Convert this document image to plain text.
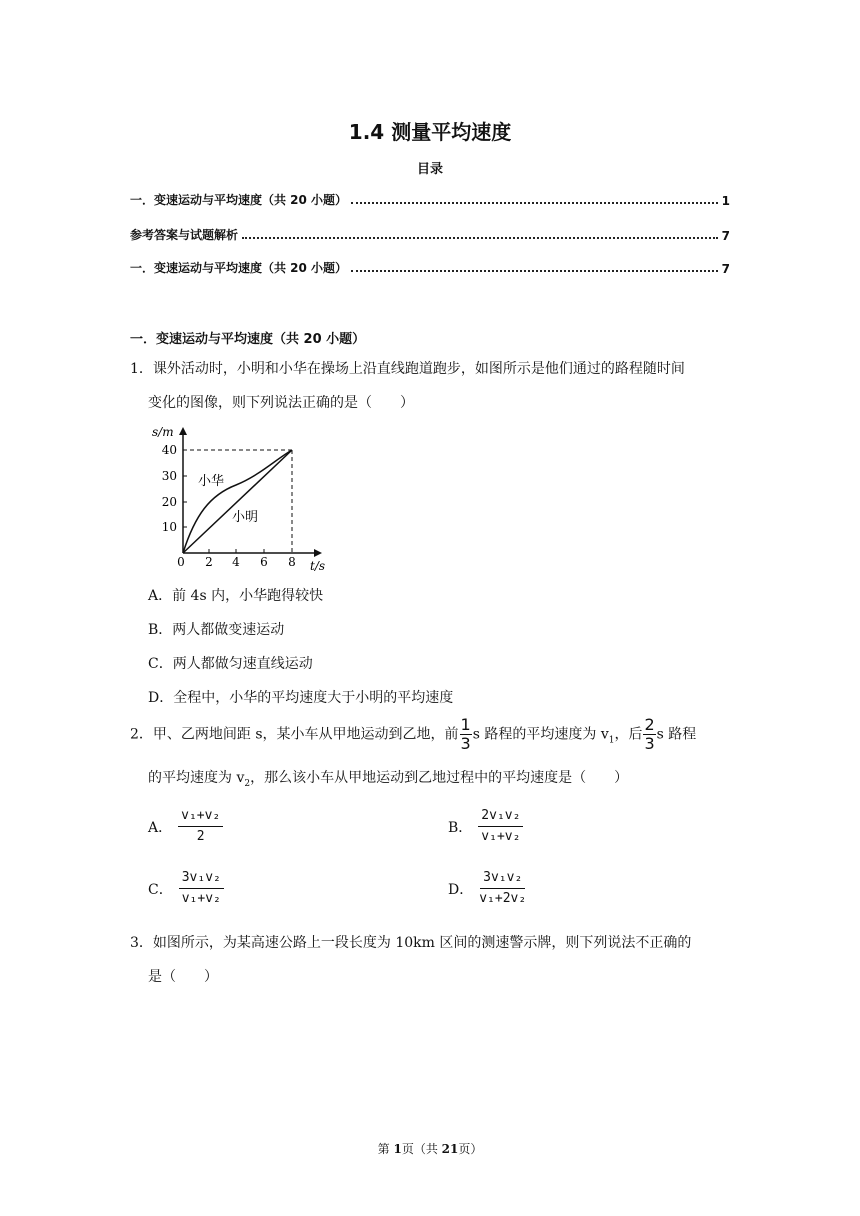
1.4 测量平均速度
目录
一．变速运动与平均速度（共 20 小题）	1
参考答案与试题解析	7
一．变速运动与平均速度（共 20 小题）	7
一．变速运动与平均速度（共 20 小题）
1．课外活动时，小明和小华在操场上沿直线跑道跑步，如图所示是他们通过的路程随时间
变化的图像，则下列说法正确的是（　　）
s/m
t/s
10
20
30
40
0 2 4 6 8
小华
小明
A．前 4s 内，小华跑得较快
B．两人都做变速运动
C．两人都做匀速直线运动
D．全程中，小华的平均速度大于小明的平均速度
2．甲、乙两地间距 s，某小车从甲地运动到乙地，前 $\frac{1}{3}$ s 路程的平均速度为 $v_1$，后 $\frac{2}{3}$ s 路程
的平均速度为 $v_2$，那么该小车从甲地运动到乙地过程中的平均速度是（　　）
A． $\frac{\text{v₁+v₂}}{2}$	B． $\frac{\text{2v₁v₂}}{\text{v₁+v₂}}$
C． $\frac{\text{3v₁v₂}}{\text{v₁+v₂}}$	D． $\frac{\text{3v₁v₂}}{\text{v₁+2v₂}}$
3．如图所示，为某高速公路上一段长度为 10km 区间的测速警示牌，则下列说法不正确的
是（　　）
第 1页（共 21页）
